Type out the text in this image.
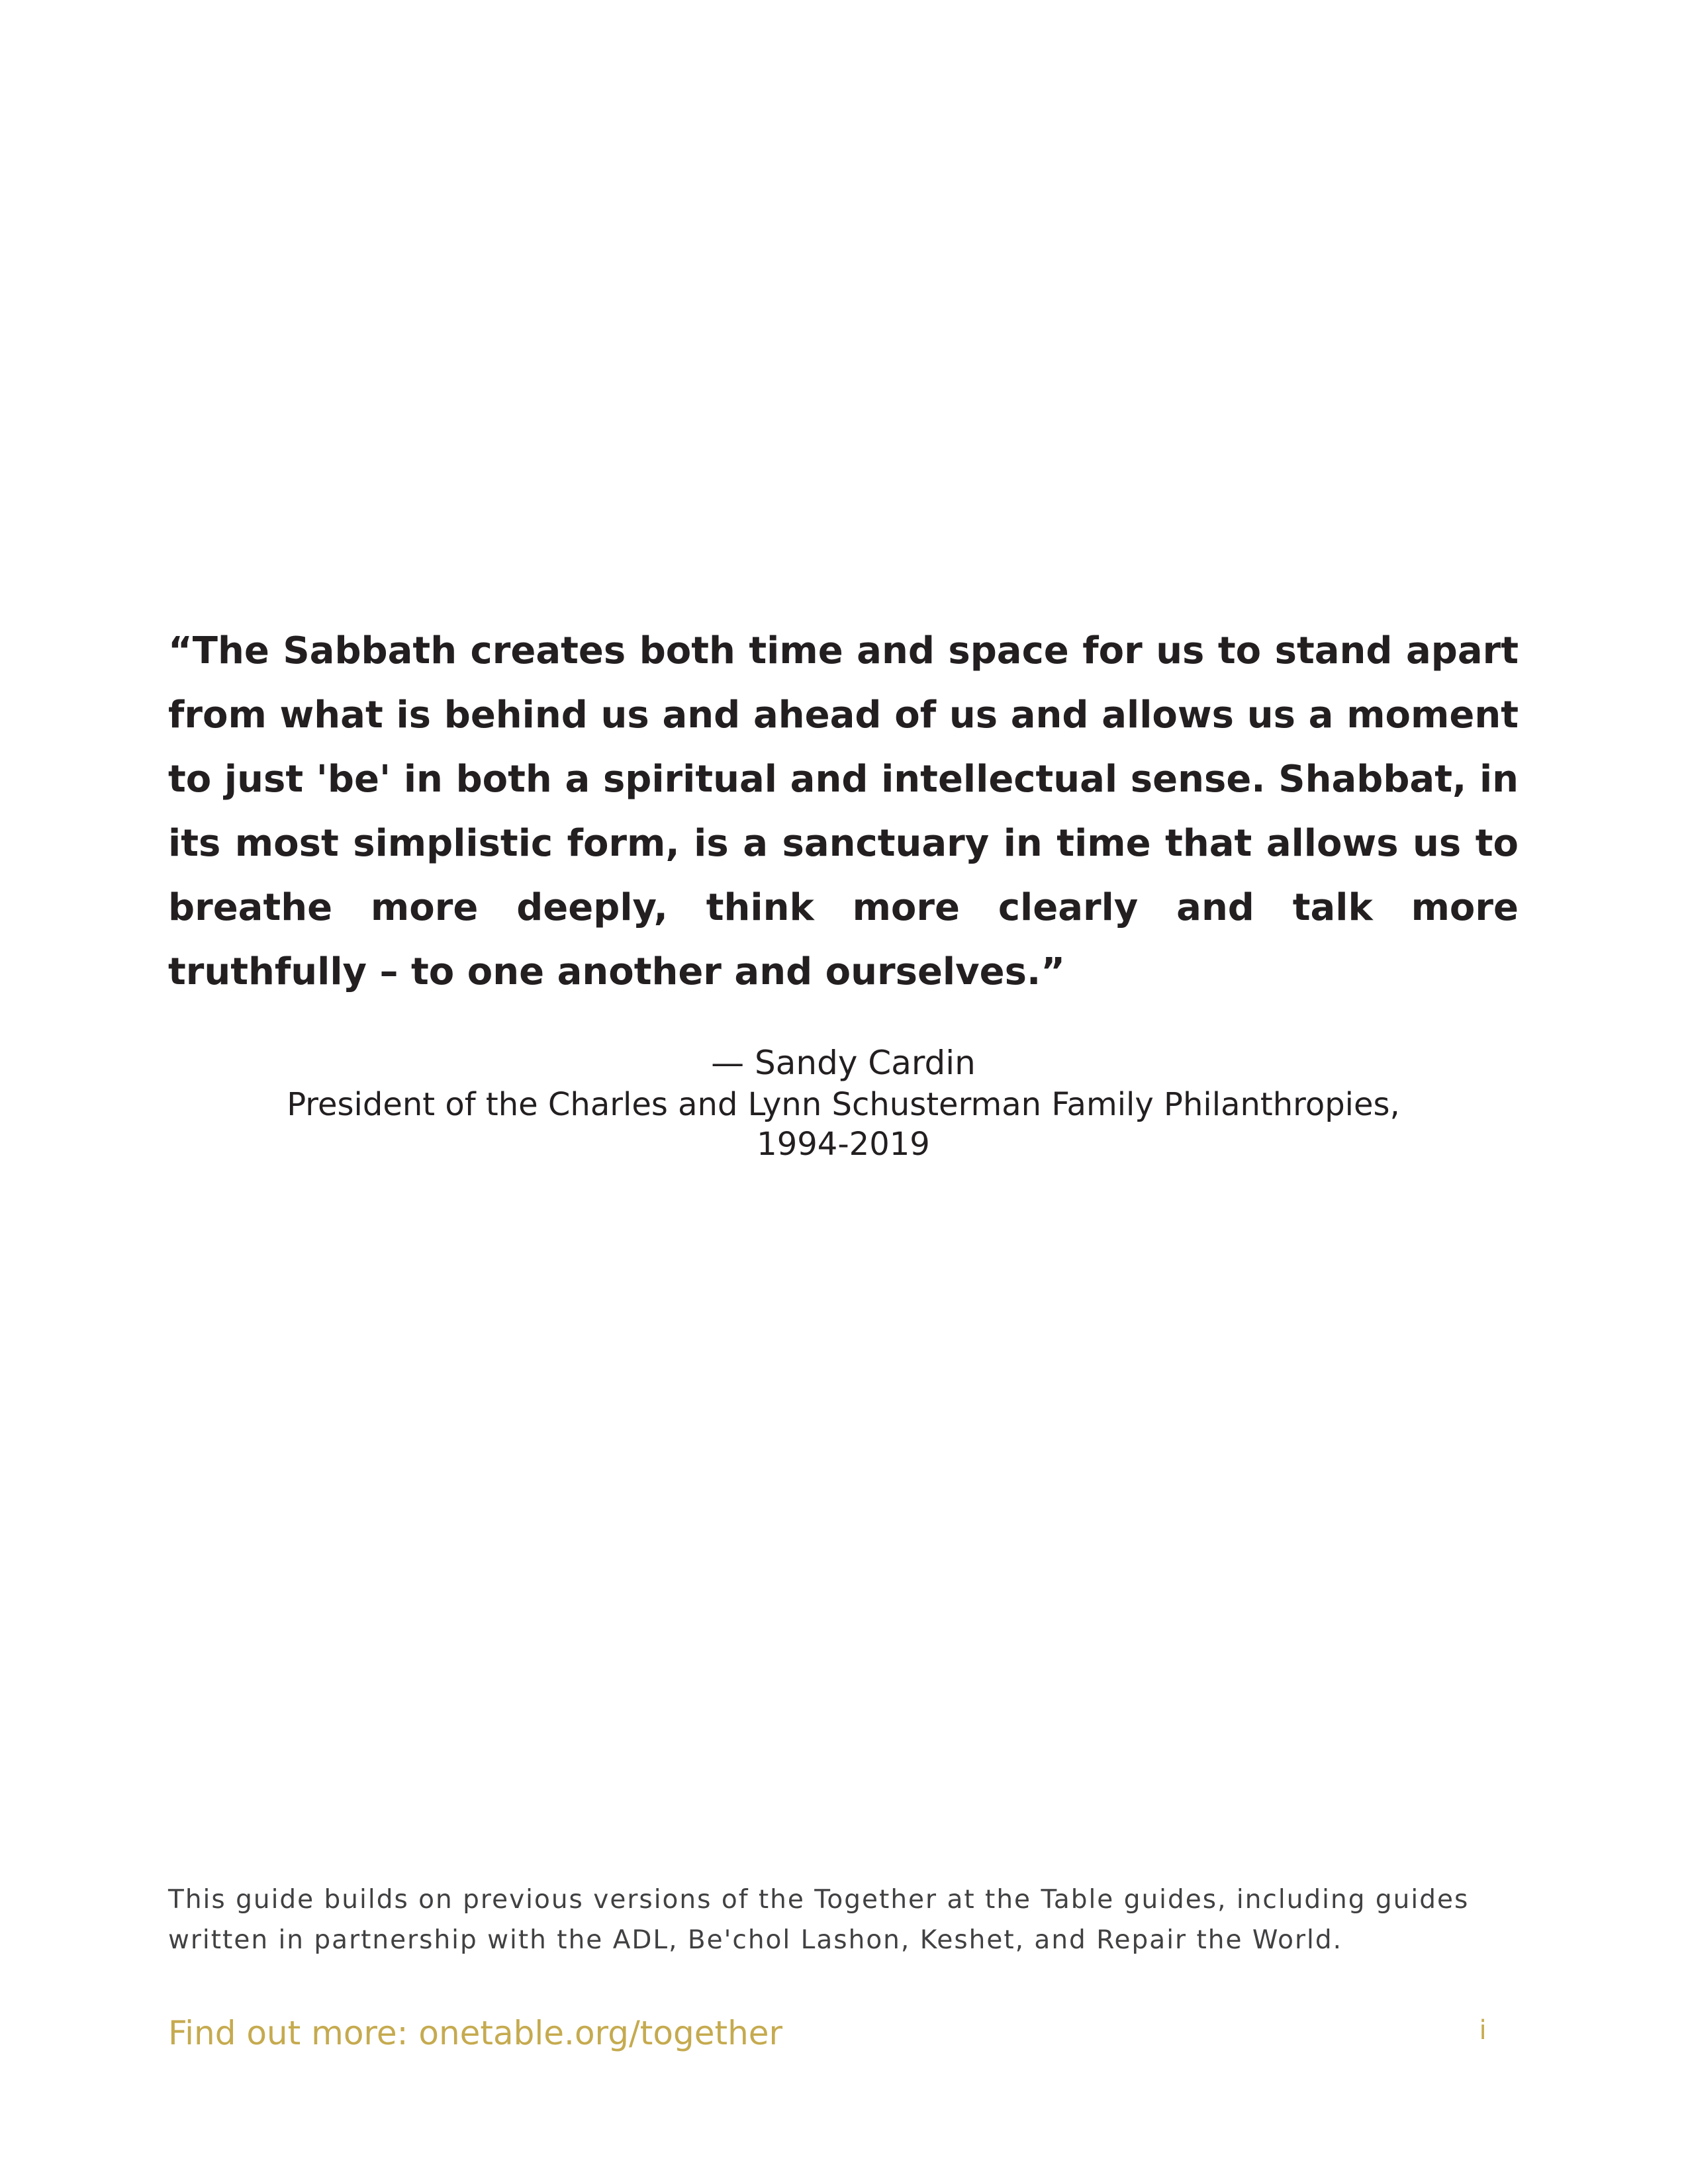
“The Sabbath creates both time and space for us to stand apart from what is behind us and ahead of us and allows us a moment to just 'be' in both a spiritual and intellectual sense. Shabbat, in its most simplistic form, is a sanctuary in time that allows us to breathe more deeply, think more clearly and talk more truthfully – to one another and ourselves.”

— Sandy Cardin
President of the Charles and Lynn Schusterman Family Philanthropies,
1994-2019

This guide builds on previous versions of the Together at the Table guides, including guides written in partnership with the ADL, Be'chol Lashon, Keshet, and Repair the World.

Find out more: onetable.org/together	i
